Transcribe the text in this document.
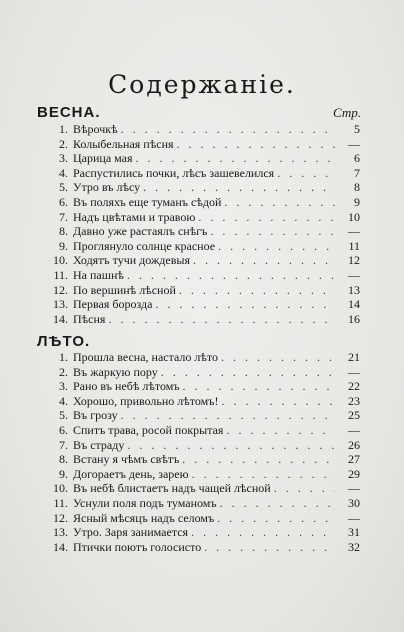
Содержаніе.
ВЕСНА.	Стр.
1. Вѣрочкѣ . . .	5
2. Колыбельная пѣсня . . .	—
3. Царица мая . . .	6
4. Распустились почки, лѣсъ зашевелился . . .	7
5. Утро въ лѣсу . . .	8
6. Въ поляхъ еще туманъ сѣдой . . .	9
7. Надъ цвѣтами и травою . . .	10
8. Давно уже растаялъ снѣгъ . . .	—
9. Проглянуло солнце красное . . .	11
10. Ходятъ тучи дождевыя . . .	12
11. На пашнѣ . . .	—
12. По вершинѣ лѣсной . . .	13
13. Первая борозда . . .	14
14. Пѣсня . . .	16
ЛѢТО.
1. Прошла весна, настало лѣто . . .	21
2. Въ жаркую пору . . .	—
3. Рано въ небѣ лѣтомъ . . .	22
4. Хорошо, привольно лѣтомъ! . . .	23
5. Въ грозу . . .	25
6. Спитъ трава, росой покрытая . . .	—
7. Въ страду . . .	26
8. Встану я чѣмъ свѣтъ . . .	27
9. Догораетъ день, зарею . . .	29
10. Въ небѣ блистаетъ надъ чащей лѣсной . . .	—
11. Уснули поля подъ туманомъ . . .	30
12. Ясный мѣсяцъ надъ селомъ . . .	—
13. Утро. Заря занимается . . .	31
14. Птички поютъ голосисто . . .	32
